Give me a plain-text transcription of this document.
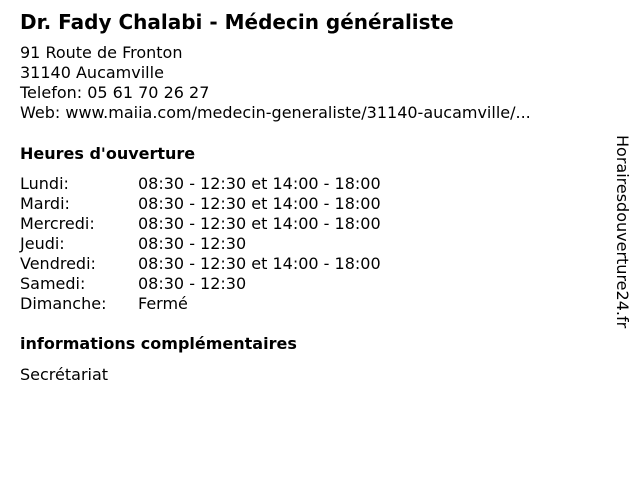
Dr. Fady Chalabi - Médecin généraliste
91 Route de Fronton
31140 Aucamville
Telefon: 05 61 70 26 27
Web: www.maiia.com/medecin-generaliste/31140-aucamville/...
Heures d'ouverture
Lundi:	08:30 - 12:30 et 14:00 - 18:00
Mardi:	08:30 - 12:30 et 14:00 - 18:00
Mercredi:	08:30 - 12:30 et 14:00 - 18:00
Jeudi:	08:30 - 12:30
Vendredi:	08:30 - 12:30 et 14:00 - 18:00
Samedi:	08:30 - 12:30
Dimanche:	Fermé
informations complémentaires
Secrétariat
Horairesdouverture24.fr
